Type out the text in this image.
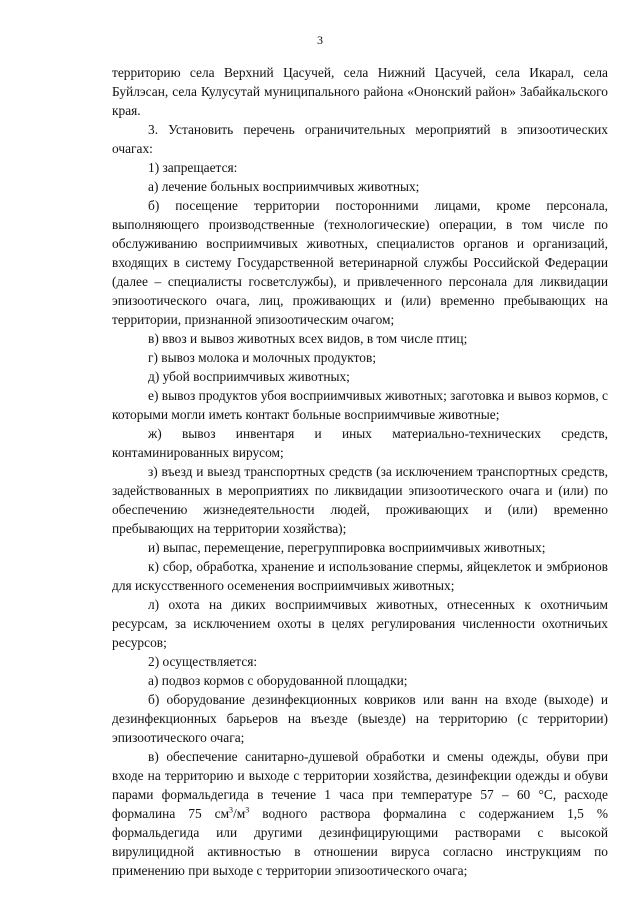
3

территорию села Верхний Цасучей, села Нижний Цасучей, села Икарал, села Буйлэсан, села Кулусутай муниципального района «Ононский район» Забайкальского края.

3. Установить перечень ограничительных мероприятий в эпизоотических очагах:

1) запрещается:

а) лечение больных восприимчивых животных;

б) посещение территории посторонними лицами, кроме персонала, выполняющего производственные (технологические) операции, в том числе по обслуживанию восприимчивых животных, специалистов органов и организаций, входящих в систему Государственной ветеринарной службы Российской Федерации (далее – специалисты госветслужбы), и привлеченного персонала для ликвидации эпизоотического очага, лиц, проживающих и (или) временно пребывающих на территории, признанной эпизоотическим очагом;

в) ввоз и вывоз животных всех видов, в том числе птиц;

г) вывоз молока и молочных продуктов;

д) убой восприимчивых животных;

е) вывоз продуктов убоя восприимчивых животных; заготовка и вывоз кормов, с которыми могли иметь контакт больные восприимчивые животные;

ж) вывоз инвентаря и иных материально-технических средств, контаминированных вирусом;

з) въезд и выезд транспортных средств (за исключением транспортных средств, задействованных в мероприятиях по ликвидации эпизоотического очага и (или) по обеспечению жизнедеятельности людей, проживающих и (или) временно пребывающих на территории хозяйства);

и) выпас, перемещение, перегруппировка восприимчивых животных;

к) сбор, обработка, хранение и использование спермы, яйцеклеток и эмбрионов для искусственного осеменения восприимчивых животных;

л) охота на диких восприимчивых животных, отнесенных к охотничьим ресурсам, за исключением охоты в целях регулирования численности охотничьих ресурсов;

2) осуществляется:

а) подвоз кормов с оборудованной площадки;

б) оборудование дезинфекционных ковриков или ванн на входе (выходе) и дезинфекционных барьеров на въезде (выезде) на территорию (с территории) эпизоотического очага;

в) обеспечение санитарно-душевой обработки и смены одежды, обуви при входе на территорию и выходе с территории хозяйства, дезинфекции одежды и обуви парами формальдегида в течение 1 часа при температуре 57 – 60 °С, расходе формалина 75 $см^3/м^3$ водного раствора формалина с содержанием 1,5 % формальдегида или другими дезинфицирующими растворами с высокой вирулицидной активностью в отношении вируса согласно инструкциям по применению при выходе с территории эпизоотического очага;
